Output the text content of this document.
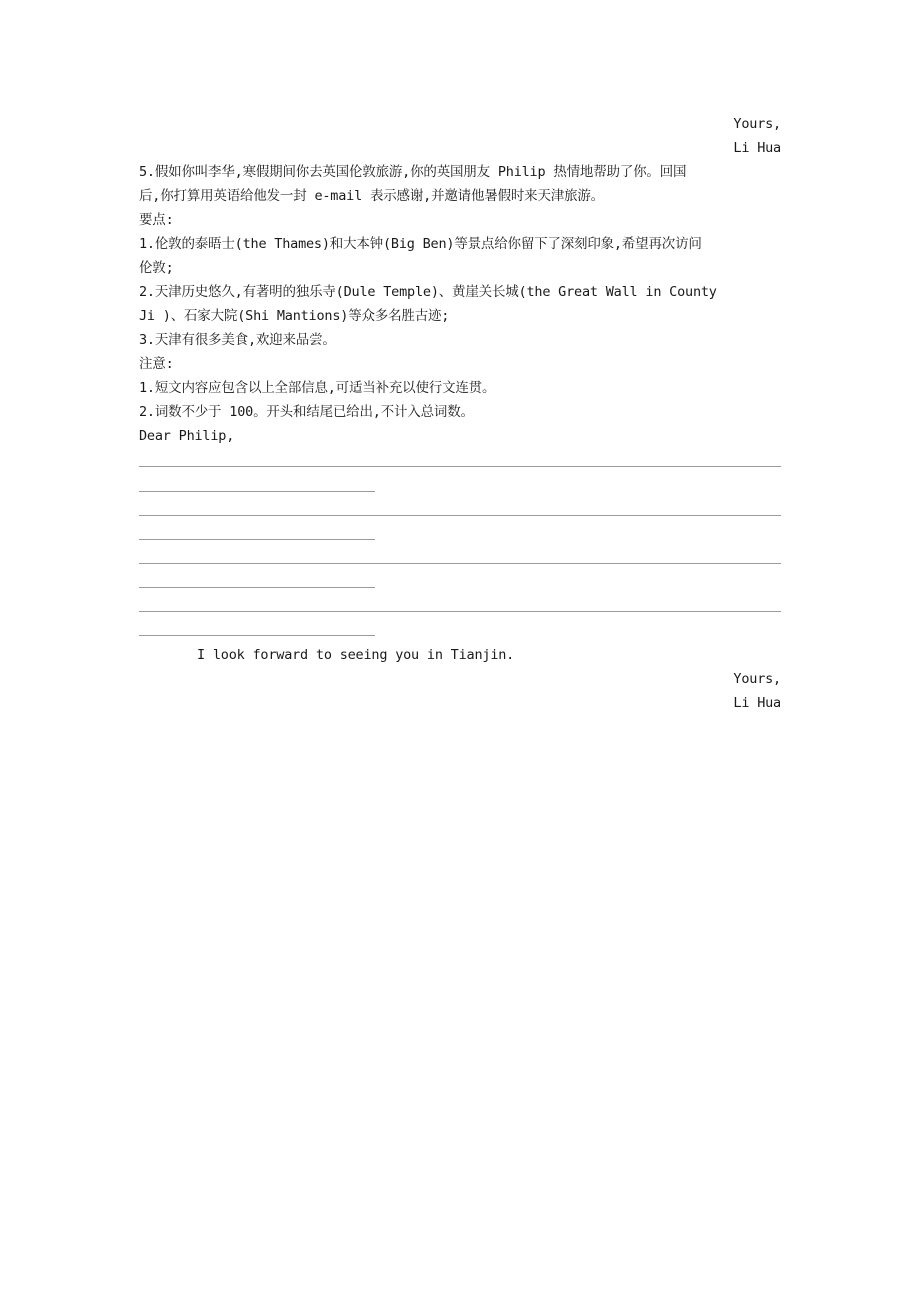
Yours,
Li Hua
5.假如你叫李华,寒假期间你去英国伦敦旅游,你的英国朋友 Philip 热情地帮助了你。回国
后,你打算用英语给他发一封 e-mail 表示感谢,并邀请他暑假时来天津旅游。
要点:
1.伦敦的泰晤士(the Thames)和大本钟(Big Ben)等景点给你留下了深刻印象,希望再次访问
伦敦;
2.天津历史悠久,有著明的独乐寺(Dule Temple)、黄崖关长城(the Great Wall in County
Ji )、石家大院(Shi Mantions)等众多名胜古迹;
3.天津有很多美食,欢迎来品尝。
注意:
1.短文内容应包含以上全部信息,可适当补充以使行文连贯。
2.词数不少于 100。开头和结尾已给出,不计入总词数。
Dear Philip,
I look forward to seeing you in Tianjin.
Yours,
Li Hua
